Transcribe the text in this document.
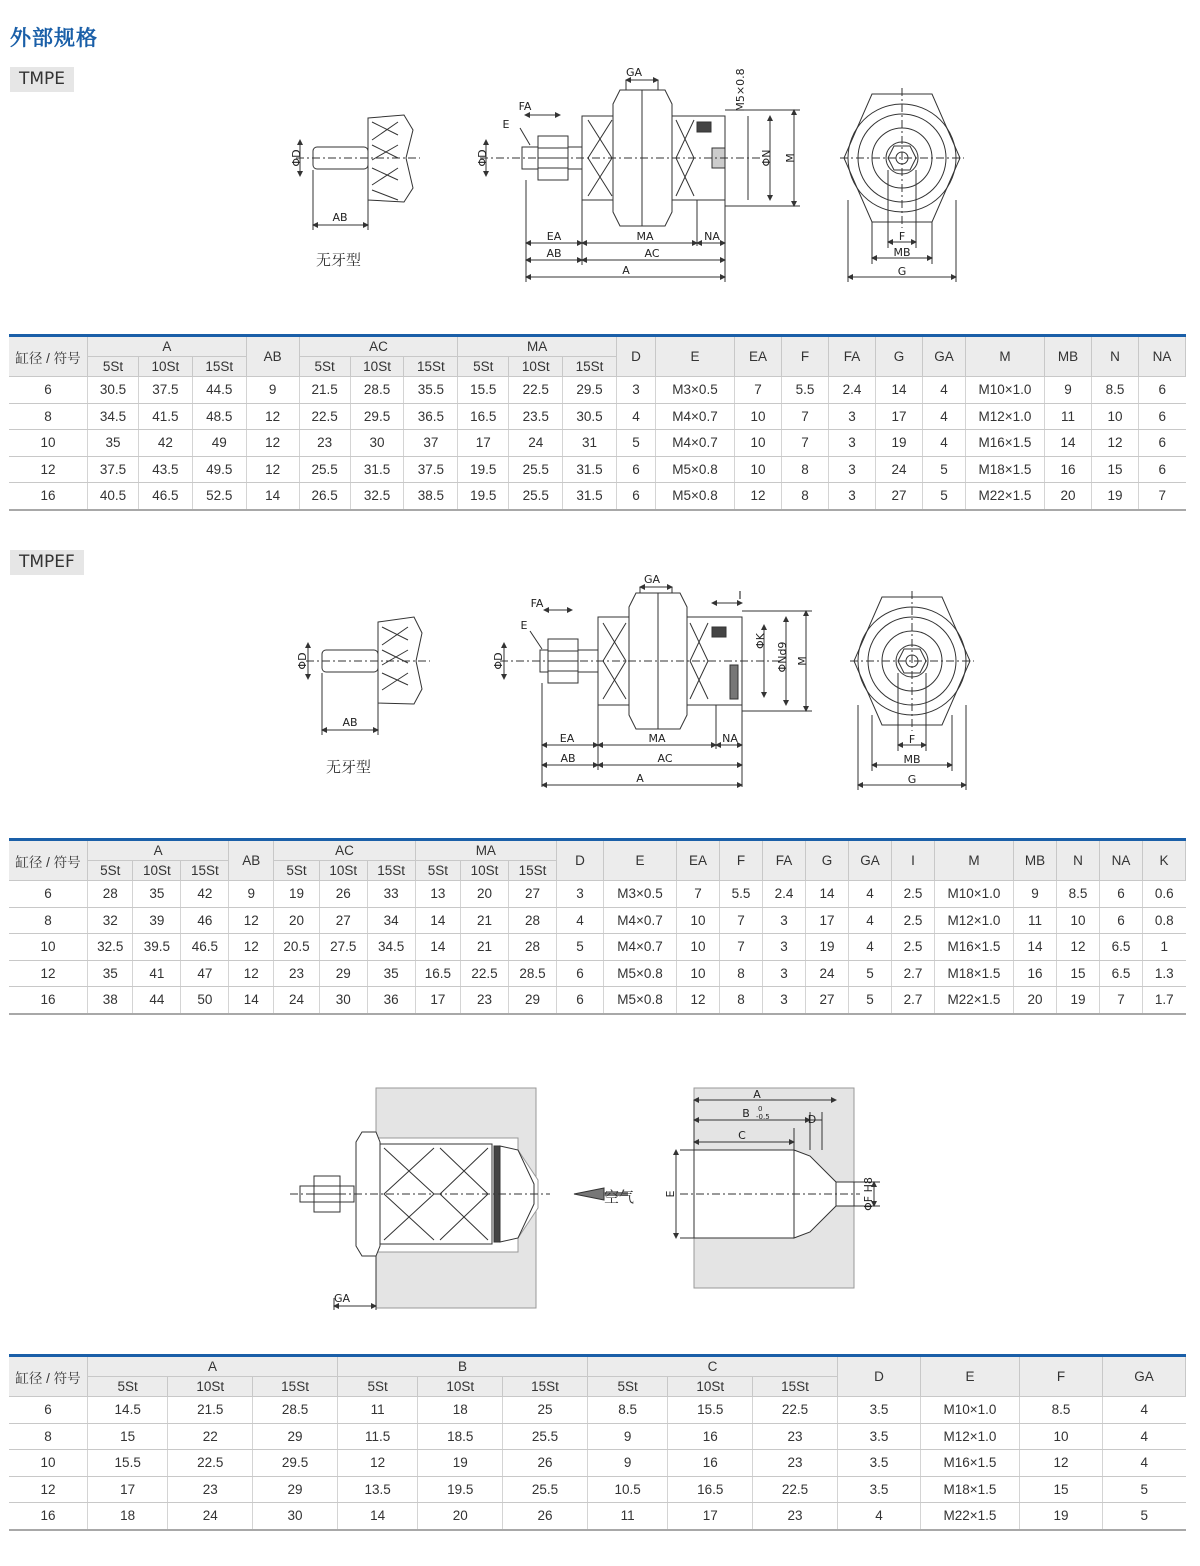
外部规格
TMPE
ΦD
AB
ΦD
GA
FA
E
M5×0.8
ΦN M
EA	MA	NA
AB	AC
A
F
MB
G
无牙型
缸径 / 符号	A			AB	AC			MA			D	E	EA	F	FA	G	GA	M	MB	N	NA
	5St	10St	15St		5St	10St	15St	5St	10St	15St											
6	30.5	37.5	44.5	9	21.5	28.5	35.5	15.5	22.5	29.5	3	M3×0.5	7	5.5	2.4	14	4	M10×1.0	9	8.5	6
8	34.5	41.5	48.5	12	22.5	29.5	36.5	16.5	23.5	30.5	4	M4×0.7	10	7	3	17	4	M12×1.0	11	10	6
10	35	42	49	12	23	30	37	17	24	31	5	M4×0.7	10	7	3	19	4	M16×1.5	14	12	6
12	37.5	43.5	49.5	12	25.5	31.5	37.5	19.5	25.5	31.5	6	M5×0.8	10	8	3	24	5	M18×1.5	16	15	6
16	40.5	46.5	52.5	14	26.5	32.5	38.5	19.5	25.5	31.5	6	M5×0.8	12	8	3	27	5	M22×1.5	20	19	7
TMPEF
ΦD
AB
ΦD
GA
FA
E
I
ΦK
ΦNd9 M
EA	MA	NA
AB	AC
A
F
MB
G
无牙型
缸径 / 符号	A			AB	AC			MA			D	E	EA	F	FA	G	GA	I	M	MB	N	NA	K
	5St	10St	15St		5St	10St	15St	5St	10St	15St													
6	28	35	42	9	19	26	33	13	20	27	3	M3×0.5	7	5.5	2.4	14	4	2.5	M10×1.0	9	8.5	6	0.6
8	32	39	46	12	20	27	34	14	21	28	4	M4×0.7	10	7	3	17	4	2.5	M12×1.0	11	10	6	0.8
10	32.5	39.5	46.5	12	20.5	27.5	34.5	14	21	28	5	M4×0.7	10	7	3	19	4	2.5	M16×1.5	14	12	6.5	1
12	35	41	47	12	23	29	35	16.5	22.5	28.5	6	M5×0.8	10	8	3	24	5	2.7	M18×1.5	16	15	6.5	1.3
16	38	44	50	14	24	30	36	17	23	29	6	M5×0.8	12	8	3	27	5	2.7	M22×1.5	20	19	7	1.7
GA
A
B 0
-0.5	D
C
E	ΦF H8
空气
缸径 / 符号	A			B			C			D	E	F	GA
	5St	10St	15St	5St	10St	15St	5St	10St	15St				
6	14.5	21.5	28.5	11	18	25	8.5	15.5	22.5	3.5	M10×1.0	8.5	4
8	15	22	29	11.5	18.5	25.5	9	16	23	3.5	M12×1.0	10	4
10	15.5	22.5	29.5	12	19	26	9	16	23	3.5	M16×1.5	12	4
12	17	23	29	13.5	19.5	25.5	10.5	16.5	22.5	3.5	M18×1.5	15	5
16	18	24	30	14	20	26	11	17	23	4	M22×1.5	19	5
